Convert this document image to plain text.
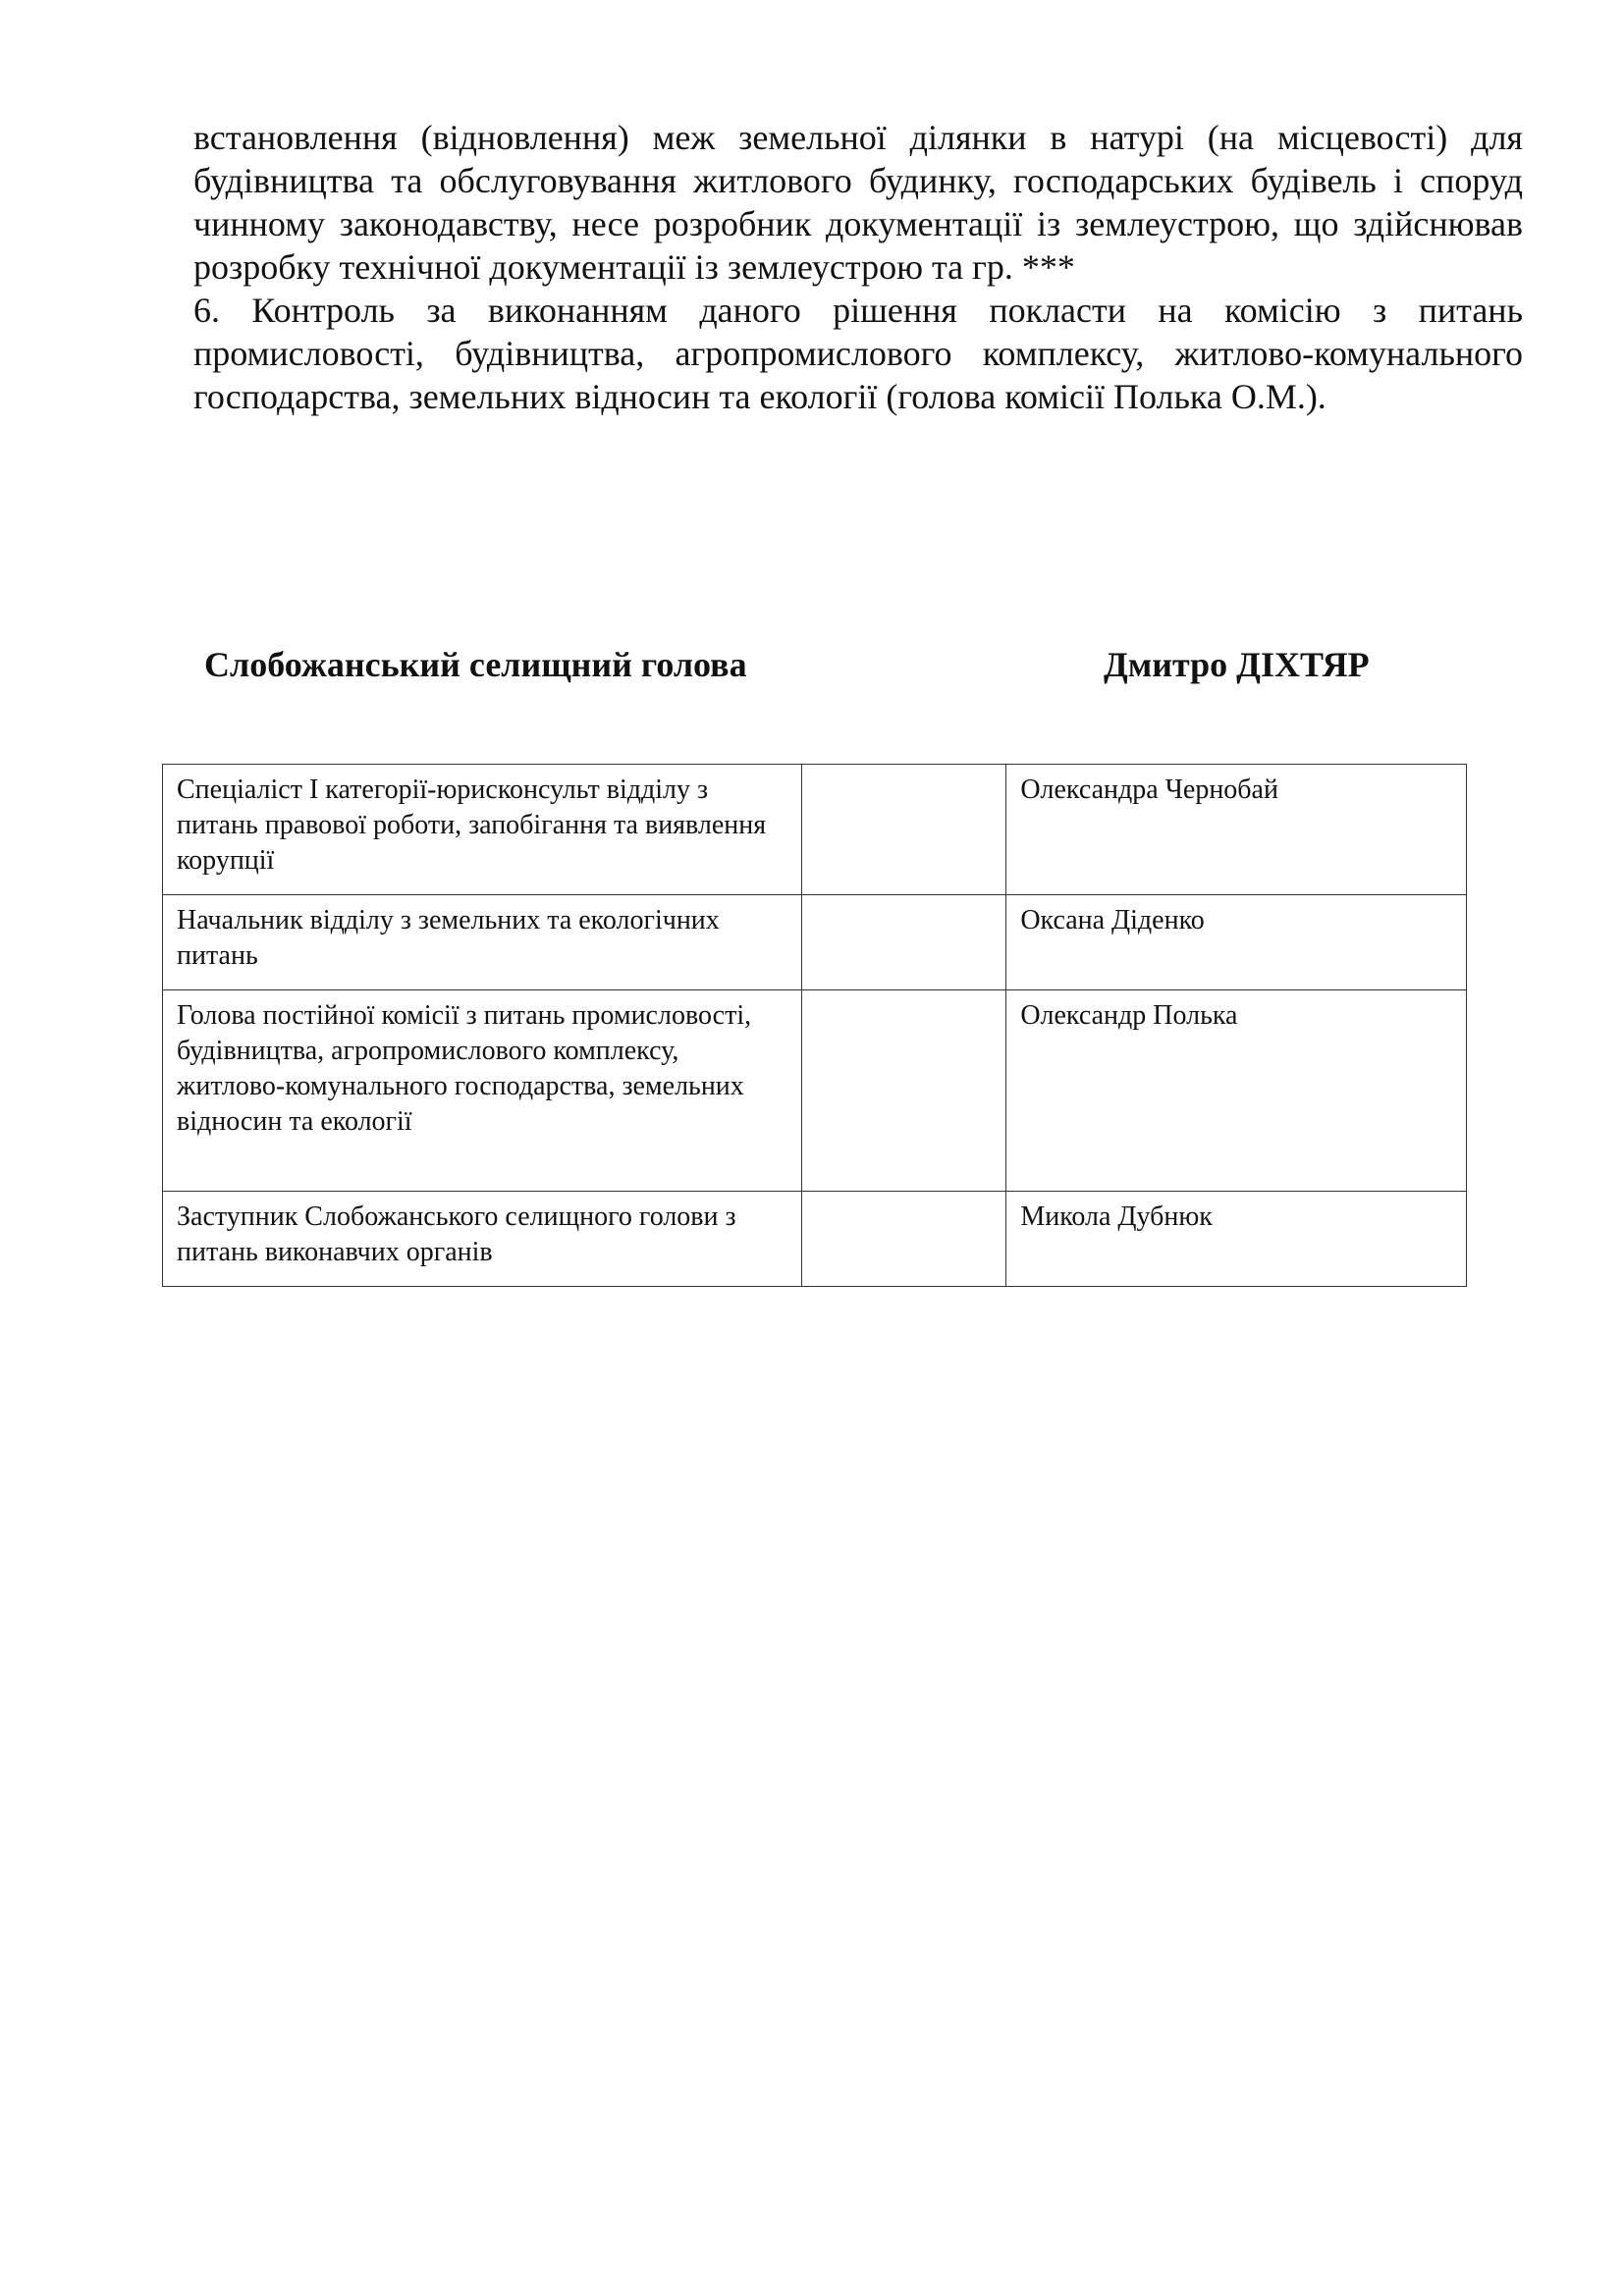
встановлення (відновлення) меж земельної ділянки в натурі (на місцевості) для будівництва та обслуговування житлового будинку, господарських будівель і споруд чинному законодавству, несе розробник документації із землеустрою, що здійснював розробку технічної документації із землеустрою та гр. ***

6. Контроль за виконанням даного рішення покласти на комісію з питань промисловості, будівництва, агропромислового комплексу, житлово-комунального господарства, земельних відносин та екології (голова комісії Полька О.М.).

Слобожанський селищний голова	Дмитро ДІХТЯР
Спеціаліст І категорії-юрисконсульт відділу з питань правової роботи, запобігання та виявлення корупції		Олександра Чернобай
Начальник відділу з земельних та екологічних питань		Оксана Діденко
Голова постійної комісії з питань промисловості, будівництва, агропромислового комплексу, житлово-комунального господарства, земельних відносин та екології		Олександр Полька
Заступник Слобожанського селищного голови з питань виконавчих органів		Микола Дубнюк
